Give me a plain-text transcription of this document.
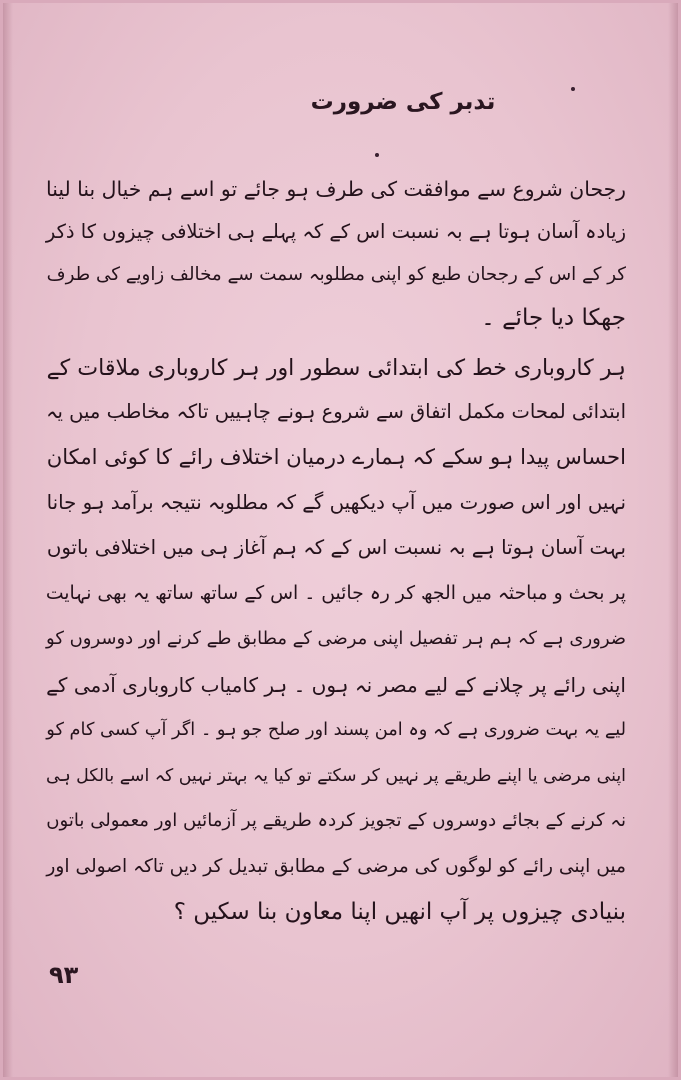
تدبر کی ضرورت
رجحان شروع سے موافقت کی طرف ہو جائے تو اسے ہم خیال بنا لینا
زیادہ آسان ہوتا ہے بہ نسبت اس کے کہ پہلے ہی اختلافی چیزوں کا ذکر
کر کے اس کے رجحان طبع کو اپنی مطلوبہ سمت سے مخالف زاویے کی طرف
جھکا دیا جائے ۔
ہر کاروباری خط کی ابتدائی سطور اور ہر کاروباری ملاقات کے
ابتدائی لمحات مکمل اتفاق سے شروع ہونے چاہییں تاکہ مخاطب میں یہ
احساس پیدا ہو سکے کہ ہمارے درمیان اختلاف رائے کا کوئی امکان
نہیں اور اس صورت میں آپ دیکھیں گے کہ مطلوبہ نتیجہ برآمد ہو جانا
بہت آسان ہوتا ہے بہ نسبت اس کے کہ ہم آغاز ہی میں اختلافی باتوں
پر بحث و مباحثہ میں الجھ کر رہ جائیں ۔ اس کے ساتھ ساتھ یہ بھی نہایت
ضروری ہے کہ ہم ہر تفصیل اپنی مرضی کے مطابق طے کرنے اور دوسروں کو
اپنی رائے پر چلانے کے لیے مصر نہ ہوں ۔ ہر کامیاب کاروباری آدمی کے
لیے یہ بہت ضروری ہے کہ وہ امن پسند اور صلح جو ہو ۔ اگر آپ کسی کام کو
اپنی مرضی یا اپنے طریقے پر نہیں کر سکتے تو کیا یہ بہتر نہیں کہ اسے بالکل ہی
نہ کرنے کے بجائے دوسروں کے تجویز کردہ طریقے پر آزمائیں اور معمولی باتوں
میں اپنی رائے کو لوگوں کی مرضی کے مطابق تبدیل کر دیں تاکہ اصولی اور
بنیادی چیزوں پر آپ انھیں اپنا معاون بنا سکیں ؟
۹۳
